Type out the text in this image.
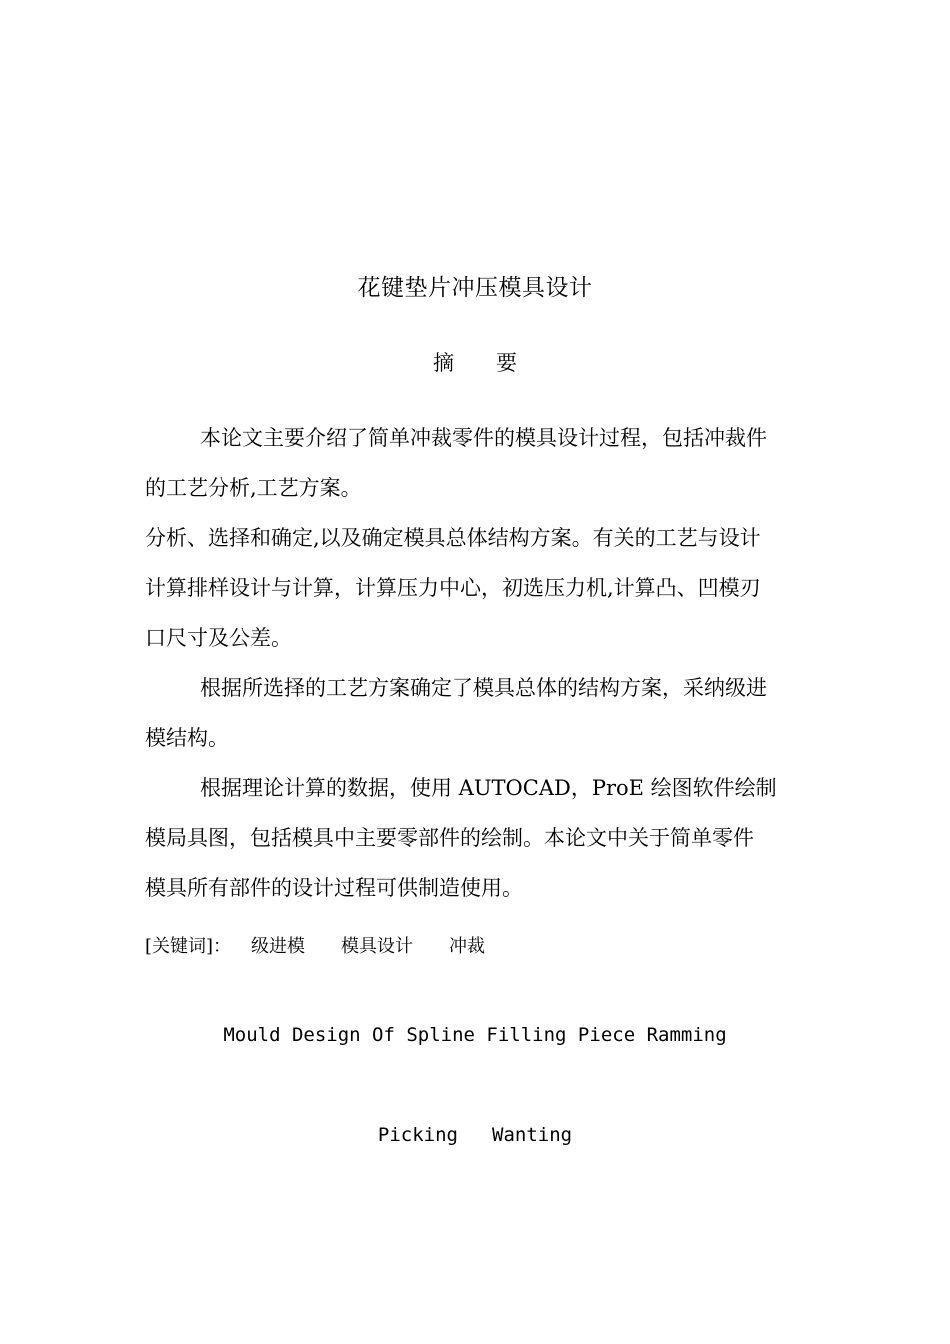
花键垫片冲压模具设计
摘 要
本论文主要介绍了简单冲裁零件的模具设计过程，包括冲裁件
的工艺分析,工艺方案。
分析、选择和确定,以及确定模具总体结构方案。有关的工艺与设计
计算排样设计与计算，计算压力中心，初选压力机,计算凸、凹模刃
口尺寸及公差。
根据所选择的工艺方案确定了模具总体的结构方案，采纳级进
模结构。
根据理论计算的数据，使用 AUTOCAD，ProE 绘图软件绘制
模局具图，包括模具中主要零部件的绘制。本论文中关于简单零件
模具所有部件的设计过程可供制造使用。
[关键词]： 级进模 模具设计 冲裁
Mould Design Of Spline Filling Piece Ramming
Picking Wanting
